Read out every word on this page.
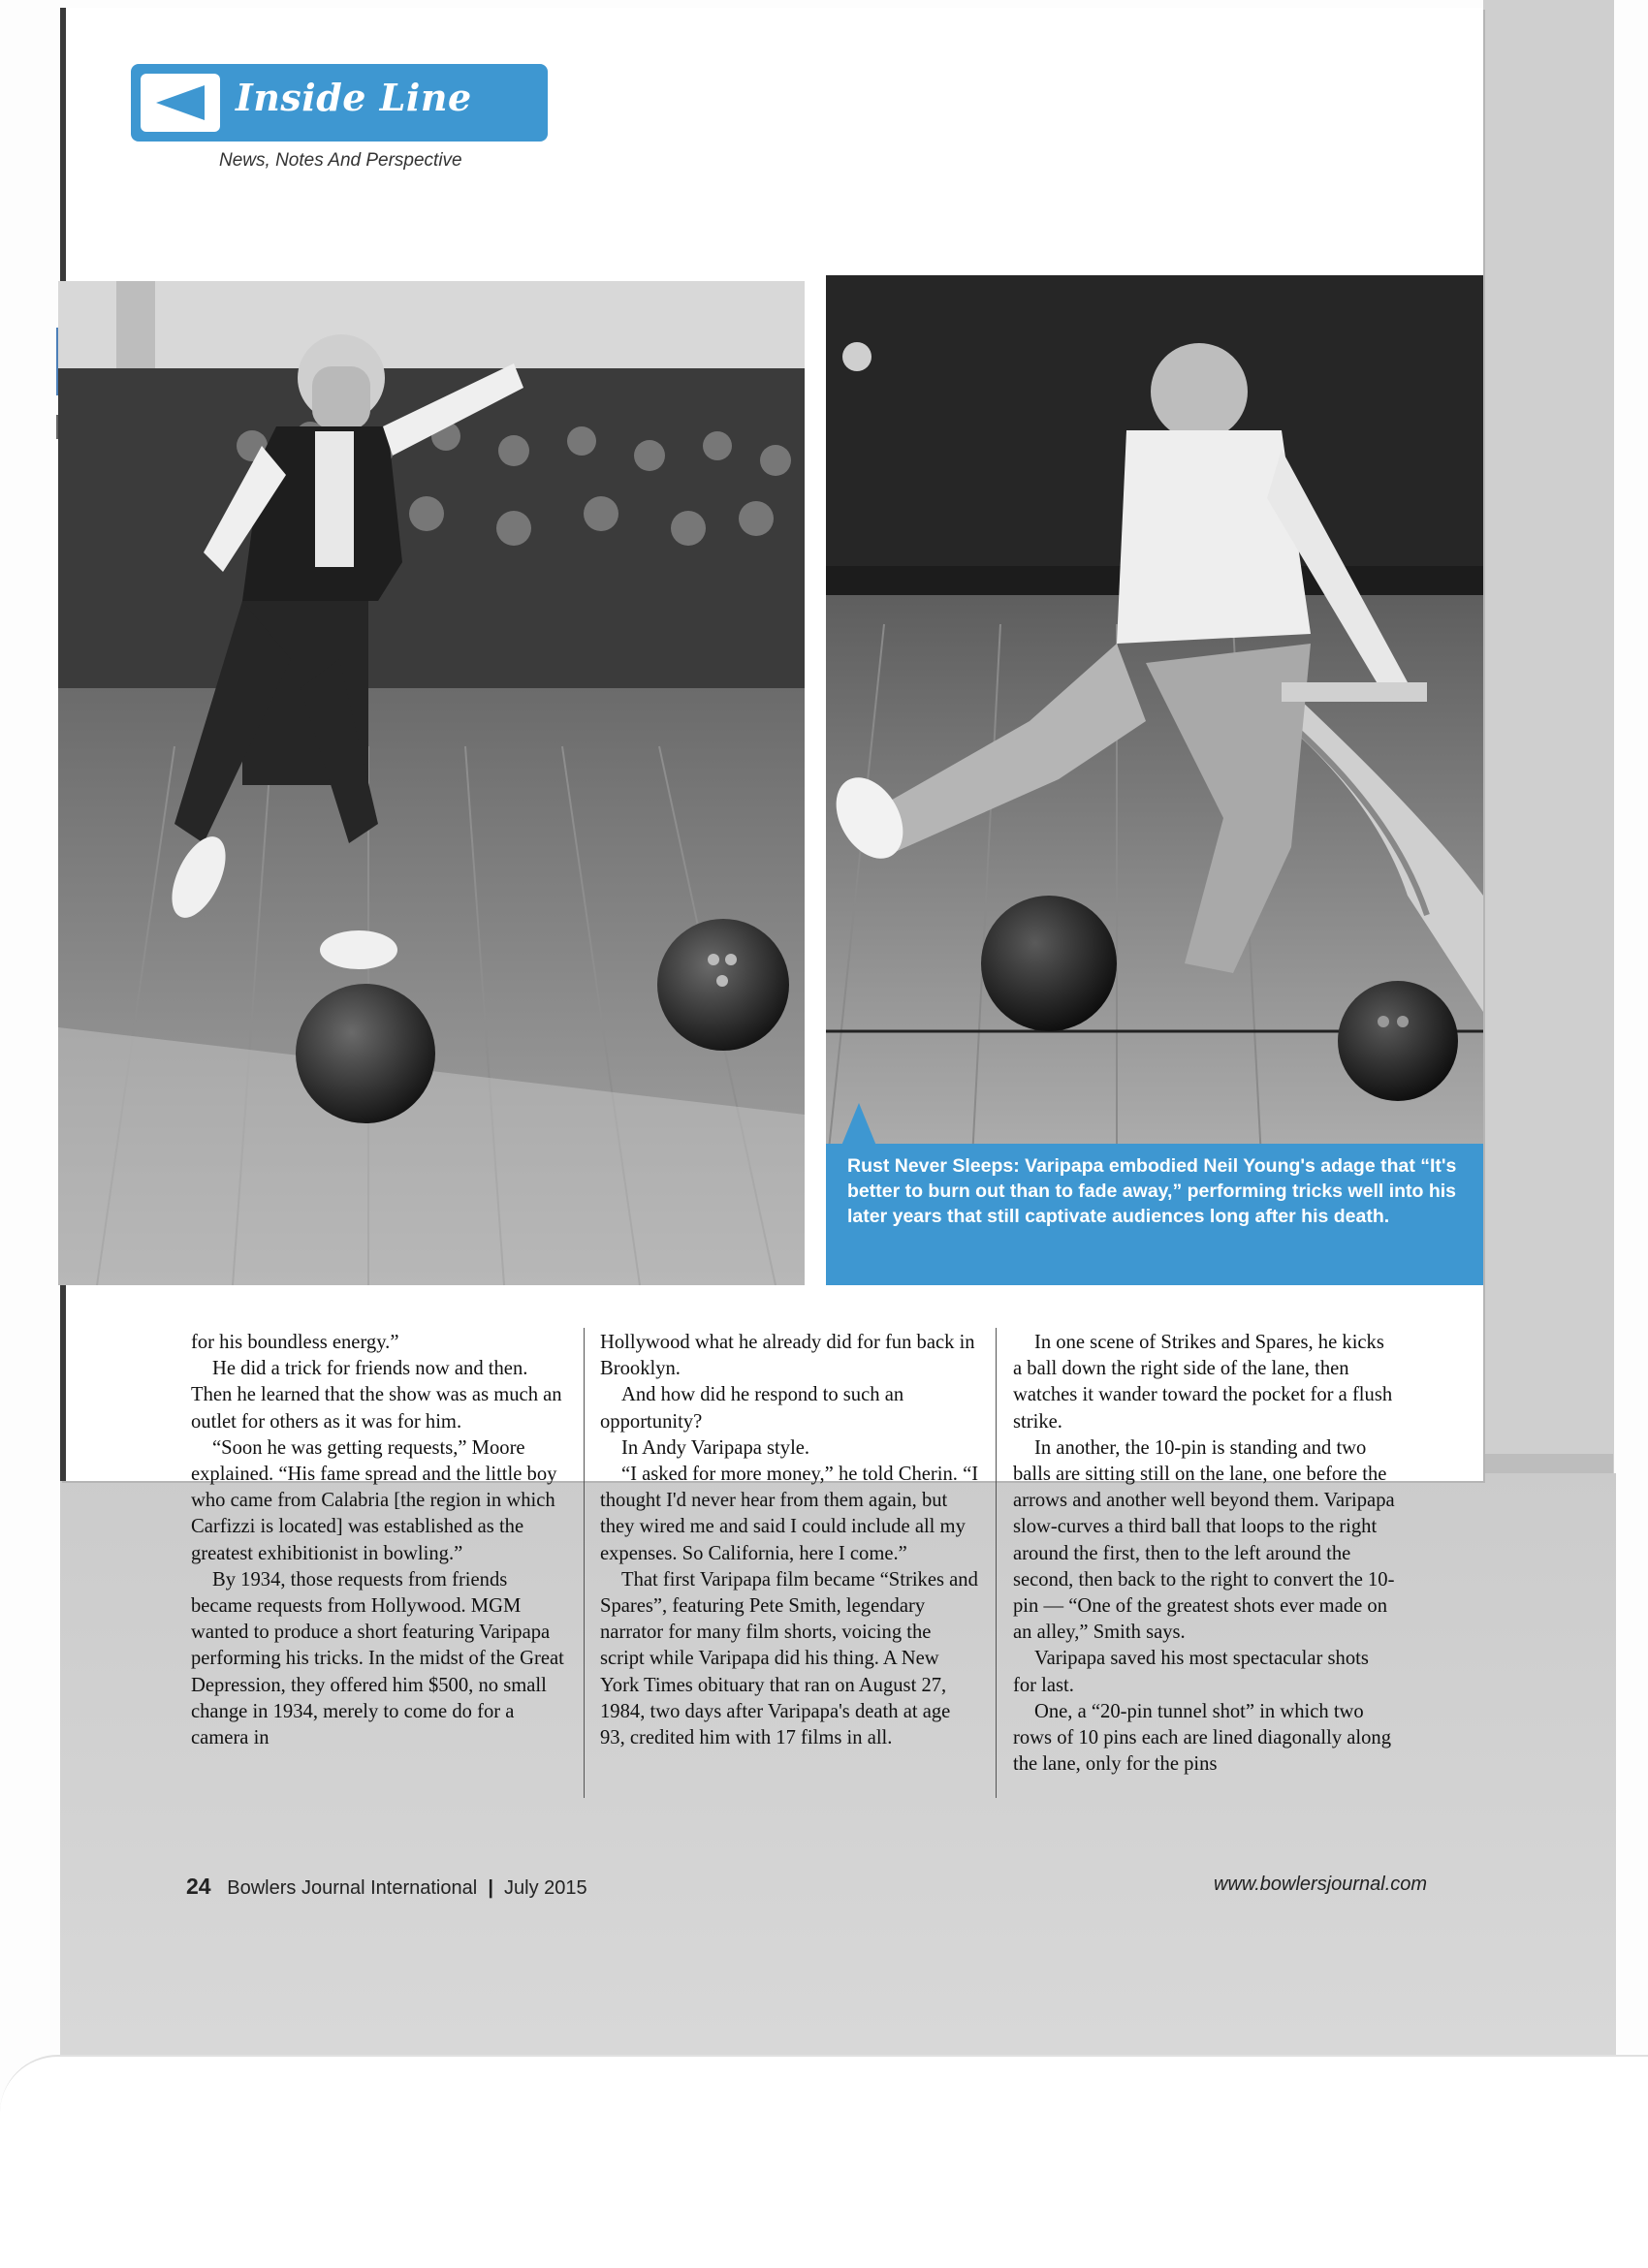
Inside Line
News, Notes And Perspective
Rust Never Sleeps: Varipapa embodied Neil Young's adage that “It's better to burn out than to fade away,” performing tricks well into his later years that still captivate audiences long after his death.

for his boundless energy.”

He did a trick for friends now and then. Then he learned that the show was as much an outlet for others as it was for him.

“Soon he was getting requests,” Moore explained. “His fame spread and the little boy who came from Calabria [the region in which Carfizzi is located] was established as the greatest exhibitionist in bowling.”

By 1934, those requests from friends became requests from Hollywood. MGM wanted to produce a short featuring Varipapa performing his tricks. In the midst of the Great Depression, they offered him $500, no small change in 1934, merely to come do for a camera in

Hollywood what he already did for fun back in Brooklyn.

And how did he respond to such an opportunity?

In Andy Varipapa style.

“I asked for more money,” he told Cherin. “I thought I'd never hear from them again, but they wired me and said I could include all my expenses. So California, here I come.”

That first Varipapa film became “Strikes and Spares”, featuring Pete Smith, legendary narrator for many film shorts, voicing the script while Varipapa did his thing. A New York Times obituary that ran on August 27, 1984, two days after Varipapa's death at age 93, credited him with 17 films in all.

In one scene of Strikes and Spares, he kicks a ball down the right side of the lane, then watches it wander toward the pocket for a flush strike.

In another, the 10-pin is standing and two balls are sitting still on the lane, one before the arrows and another well beyond them. Varipapa slow-curves a third ball that loops to the right around the first, then to the left around the second, then back to the right to convert the 10-pin — “One of the greatest shots ever made on an alley,” Smith says.

Varipapa saved his most spectacular shots for last.

One, a “20-pin tunnel shot” in which two rows of 10 pins each are lined diagonally along the lane, only for the pins

24 Bowlers Journal International | July 2015	www.bowlersjournal.com
